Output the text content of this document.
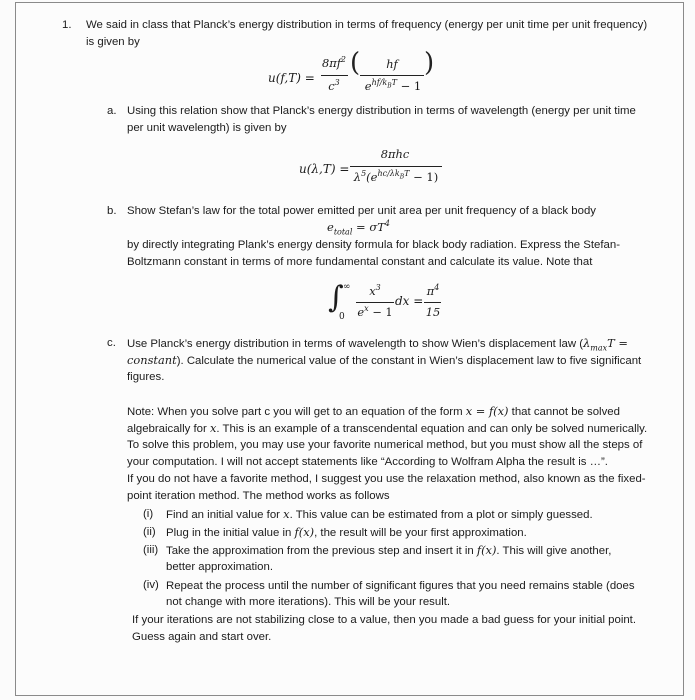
1. We said in class that Planck’s energy distribution in terms of frequency (energy per unit time per unit frequency)
is given by
u(f,T) =
$8\pi f^2$
$c^3$
(	hf
$e^{hf/k_BT} - 1$
)
a. Using this relation show that Planck’s energy distribution in terms of wavelength (energy per unit time
per unit wavelength) is given by
u(λ,T) =
8πhc
$\lambda^5(e^{hc/\lambda k_BT} - 1)$
b. Show Stefan’s law for the total power emitted per unit area per unit frequency of a black body
$e_{total} = \sigma T^4$
by directly integrating Plank’s energy density formula for black body radiation. Express the Stefan-
Boltzmann constant in terms of more fundamental constant and calculate its value. Note that
∫ ∞
0
$x^3$
$e^x - 1$
dx =
$\pi^4$
15
c. Use Planck’s energy distribution in terms of wavelength to show Wien’s displacement law ($\lambda_{max}T$ =
constant). Calculate the numerical value of the constant in Wien’s displacement law to five significant
figures.
Note: When you solve part c you will get to an equation of the form x = f(x) that cannot be solved
algebraically for x. This is an example of a transcendental equation and can only be solved numerically.
To solve this problem, you may use your favorite numerical method, but you must show all the steps of
your computation. I will not accept statements like “According to Wolfram Alpha the result is …”.
If you do not have a favorite method, I suggest you use the relaxation method, also known as the fixed-
point iteration method. The method works as follows
(i) Find an initial value for x. This value can be estimated from a plot or simply guessed.
(ii) Plug in the initial value in f(x), the result will be your first approximation.
(iii) Take the approximation from the previous step and insert it in f(x). This will give another,
better approximation.
(iv) Repeat the process until the number of significant figures that you need remains stable (does
not change with more iterations). This will be your result.
If your iterations are not stabilizing close to a value, then you made a bad guess for your initial point.
Guess again and start over.
